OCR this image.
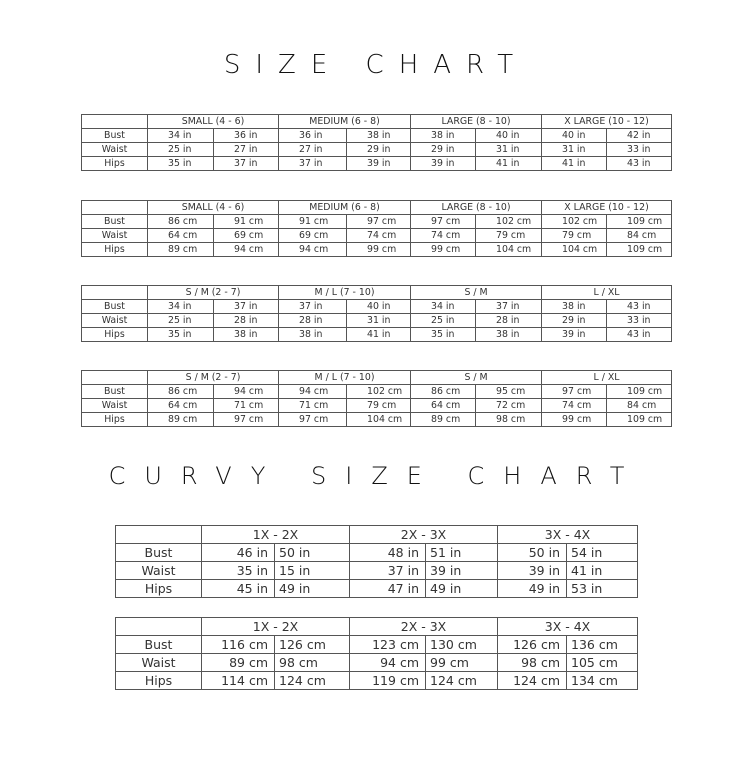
SIZE CHART
CURVY SIZE CHART
	SMALL (4 - 6)		MEDIUM (6 - 8)		LARGE (8 - 10)		X LARGE (10 - 12)	
Bust	34 in	36 in	36 in	38 in	38 in	40 in	40 in	42 in
Waist	25 in	27 in	27 in	29 in	29 in	31 in	31 in	33 in
Hips	35 in	37 in	37 in	39 in	39 in	41 in	41 in	43 in
	SMALL (4 - 6)		MEDIUM (6 - 8)		LARGE (8 - 10)		X LARGE (10 - 12)	
Bust	86 cm	91 cm	91 cm	97 cm	97 cm	102 cm	102 cm	109 cm
Waist	64 cm	69 cm	69 cm	74 cm	74 cm	79 cm	79 cm	84 cm
Hips	89 cm	94 cm	94 cm	99 cm	99 cm	104 cm	104 cm	109 cm
	S / M (2 - 7)		M / L (7 - 10)		S / M		L / XL	
Bust	34 in	37 in	37 in	40 in	34 in	37 in	38 in	43 in
Waist	25 in	28 in	28 in	31 in	25 in	28 in	29 in	33 in
Hips	35 in	38 in	38 in	41 in	35 in	38 in	39 in	43 in
	S / M (2 - 7)		M / L (7 - 10)		S / M		L / XL	
Bust	86 cm	94 cm	94 cm	102 cm	86 cm	95 cm	97 cm	109 cm
Waist	64 cm	71 cm	71 cm	79 cm	64 cm	72 cm	74 cm	84 cm
Hips	89 cm	97 cm	97 cm	104 cm	89 cm	98 cm	99 cm	109 cm
	1X - 2X		2X - 3X		3X - 4X	
Bust	46 in	50 in	48 in	51 in	50 in	54 in
Waist	35 in	15 in	37 in	39 in	39 in	41 in
Hips	45 in	49 in	47 in	49 in	49 in	53 in
	1X - 2X		2X - 3X		3X - 4X	
Bust	116 cm	126 cm	123 cm	130 cm	126 cm	136 cm
Waist	89 cm	98 cm	94 cm	99 cm	98 cm	105 cm
Hips	114 cm	124 cm	119 cm	124 cm	124 cm	134 cm
